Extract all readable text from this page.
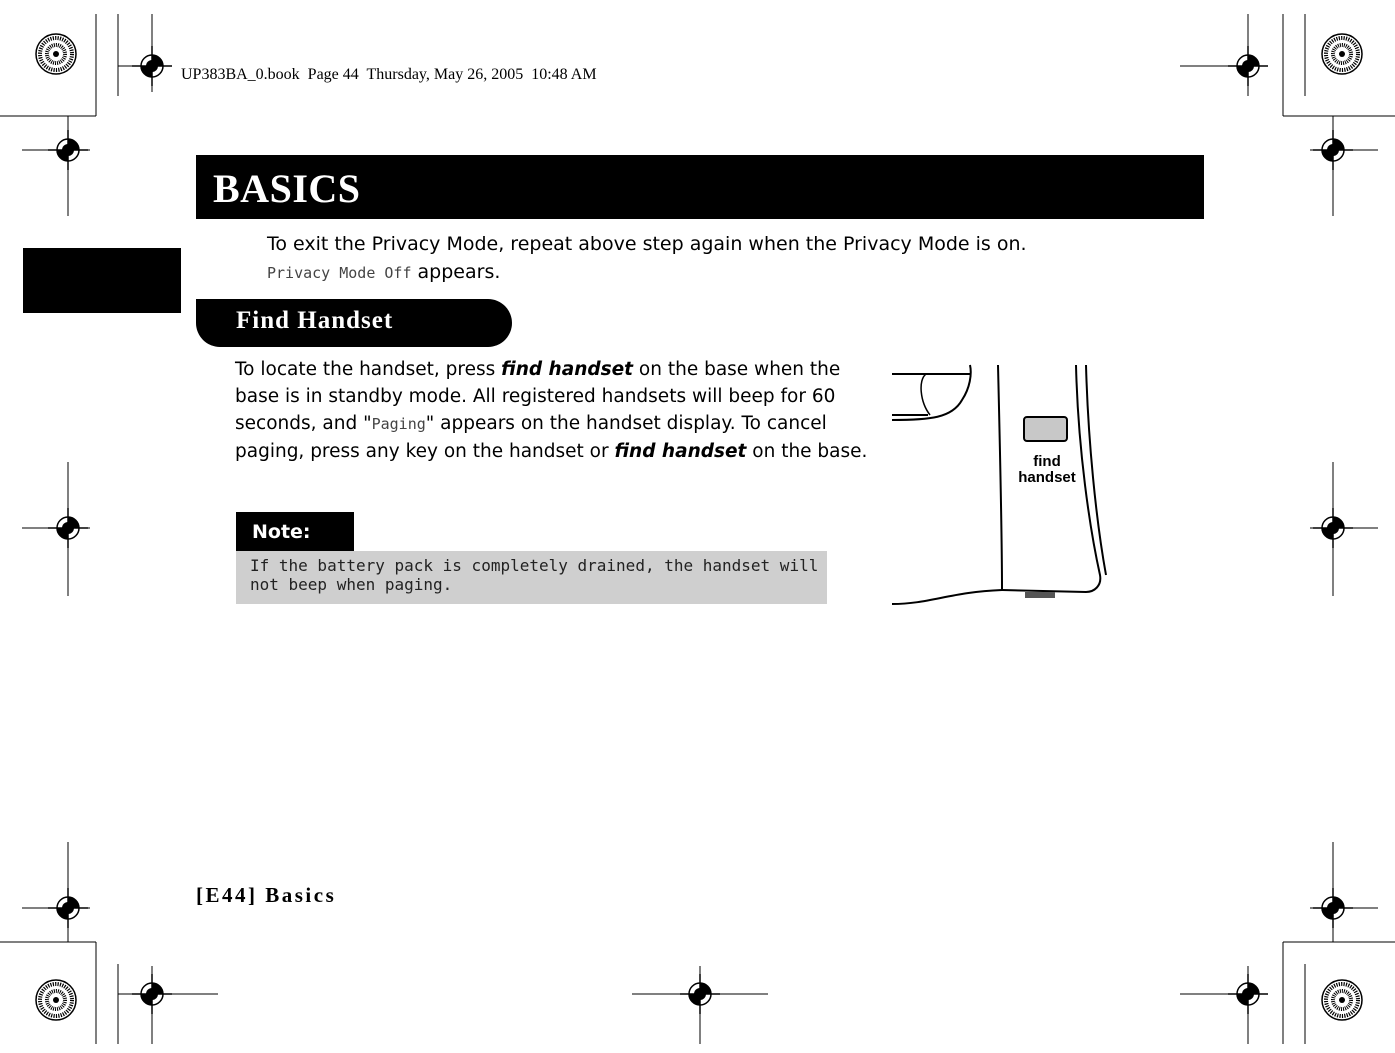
UP383BA_0.book  Page 44  Thursday, May 26, 2005  10:48 AM
BASICS
To exit the Privacy Mode, repeat above step again when the Privacy Mode is on.
Privacy Mode Off appears.
Find Handset
To locate the handset, press find handset on the base when the base is in standby mode. All registered handsets will beep for 60 seconds, and "Paging" appears on the handset display. To cancel paging, press any key on the handset or find handset on the base.
Note:
If the battery pack is completely drained, the handset will not beep when paging.
find
handset
[E44] Basics
